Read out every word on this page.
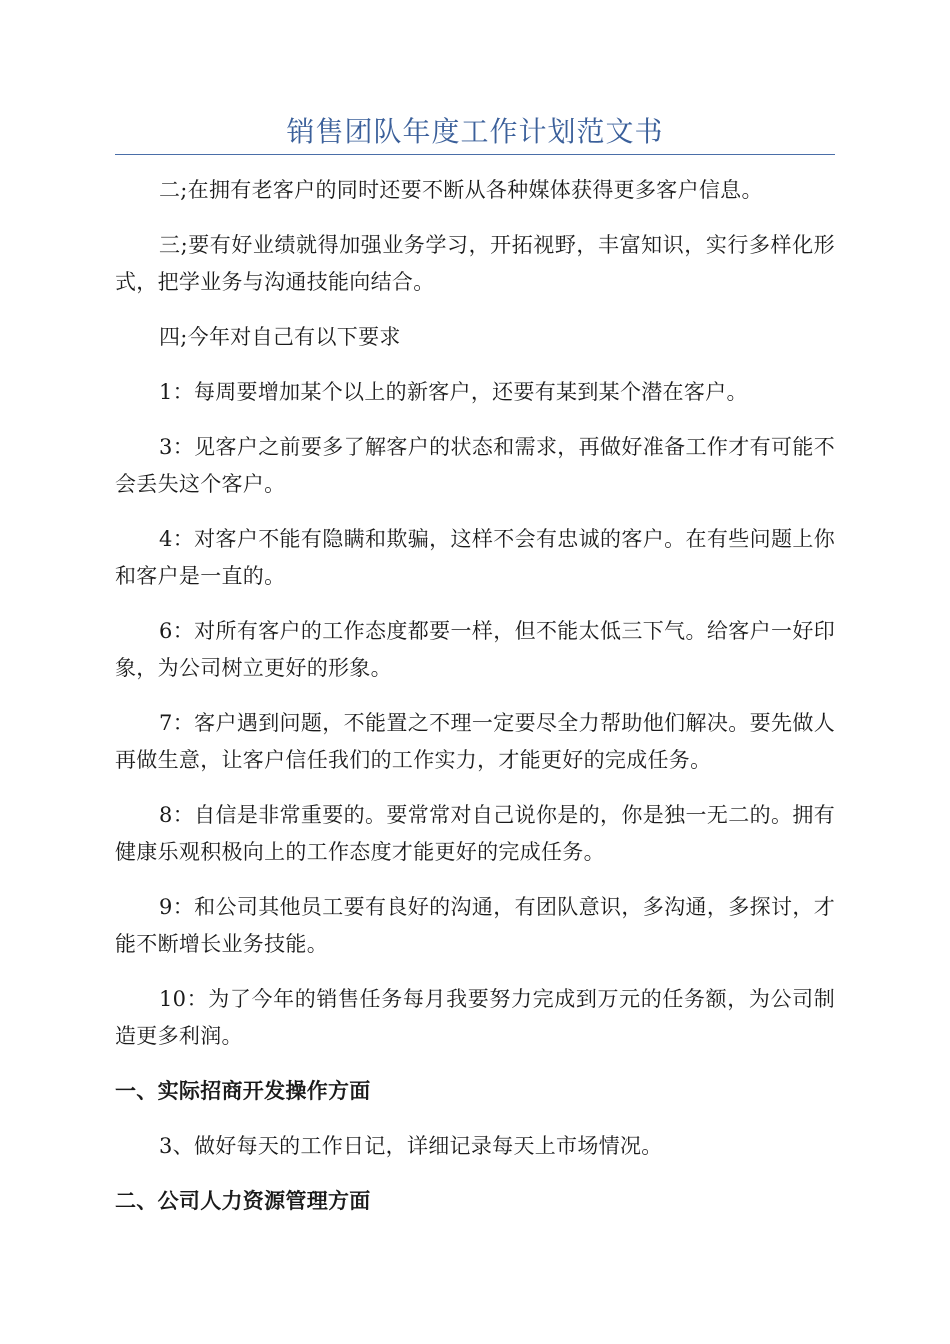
销售团队年度工作计划范文书

二;在拥有老客户的同时还要不断从各种媒体获得更多客户信息。

三;要有好业绩就得加强业务学习，开拓视野，丰富知识，实行多样化形式，把学业务与沟通技能向结合。

四;今年对自己有以下要求

1：每周要增加某个以上的新客户，还要有某到某个潜在客户。

3：见客户之前要多了解客户的状态和需求，再做好准备工作才有可能不会丢失这个客户。

4：对客户不能有隐瞒和欺骗，这样不会有忠诚的客户。在有些问题上你和客户是一直的。

6：对所有客户的工作态度都要一样，但不能太低三下气。给客户一好印象，为公司树立更好的形象。

7：客户遇到问题，不能置之不理一定要尽全力帮助他们解决。要先做人再做生意，让客户信任我们的工作实力，才能更好的完成任务。

8：自信是非常重要的。要常常对自己说你是的，你是独一无二的。拥有健康乐观积极向上的工作态度才能更好的完成任务。

9：和公司其他员工要有良好的沟通，有团队意识，多沟通，多探讨，才能不断增长业务技能。

10：为了今年的销售任务每月我要努力完成到万元的任务额，为公司制造更多利润。

一、实际招商开发操作方面

3、做好每天的工作日记，详细记录每天上市场情况。

二、公司人力资源管理方面
